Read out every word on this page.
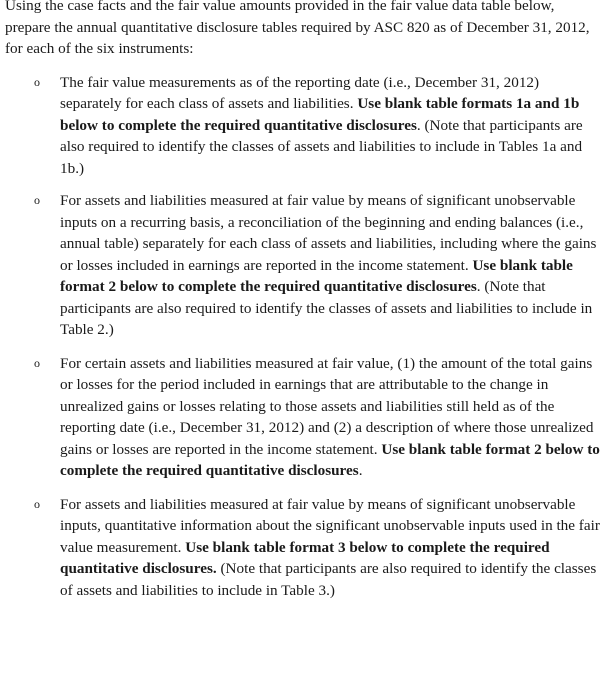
Using the case facts and the fair value amounts provided in the fair value data table below, prepare the annual quantitative disclosure tables required by ASC 820 as of December 31, 2012, for each of the six instruments:

o The fair value measurements as of the reporting date (i.e., December 31, 2012) separately for each class of assets and liabilities. Use blank table formats 1a and 1b below to complete the required quantitative disclosures. (Note that participants are also required to identify the classes of assets and liabilities to include in Tables 1a and 1b.)
o For assets and liabilities measured at fair value by means of significant unobservable inputs on a recurring basis, a reconciliation of the beginning and ending balances (i.e., annual table) separately for each class of assets and liabilities, including where the gains or losses included in earnings are reported in the income statement. Use blank table format 2 below to complete the required quantitative disclosures. (Note that participants are also required to identify the classes of assets and liabilities to include in Table 2.)
o For certain assets and liabilities measured at fair value, (1) the amount of the total gains or losses for the period included in earnings that are attributable to the change in unrealized gains or losses relating to those assets and liabilities still held as of the reporting date (i.e., December 31, 2012) and (2) a description of where those unrealized gains or losses are reported in the income statement. Use blank table format 2 below to complete the required quantitative disclosures.
o For assets and liabilities measured at fair value by means of significant unobservable inputs, quantitative information about the significant unobservable inputs used in the fair value measurement. Use blank table format 3 below to complete the required quantitative disclosures. (Note that participants are also required to identify the classes of assets and liabilities to include in Table 3.)
